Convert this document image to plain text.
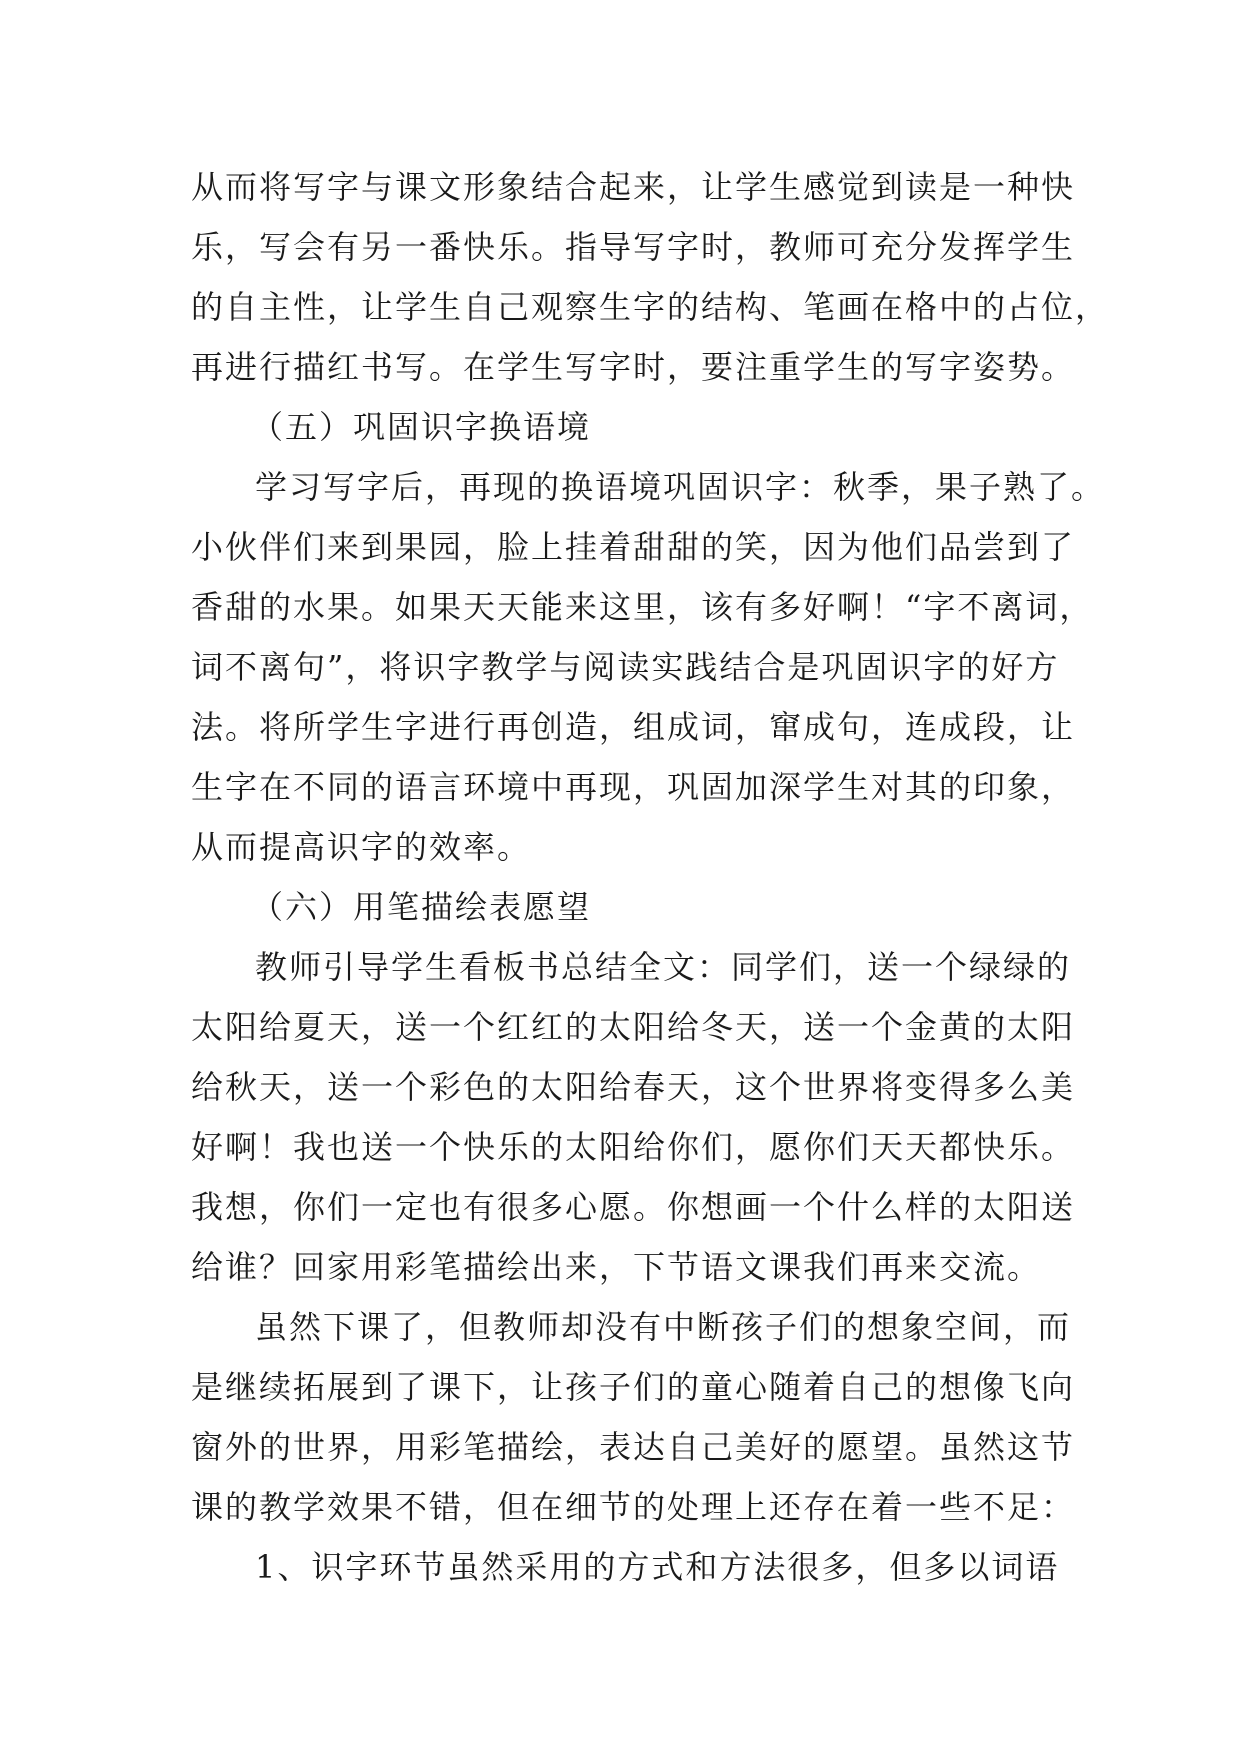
从而将写字与课文形象结合起来，让学生感觉到读是一种快
乐，写会有另一番快乐。指导写字时，教师可充分发挥学生
的自主性，让学生自己观察生字的结构、笔画在格中的占位，
再进行描红书写。在学生写字时，要注重学生的写字姿势。
（五）巩固识字换语境
学习写字后，再现的换语境巩固识字：秋季，果子熟了。
小伙伴们来到果园，脸上挂着甜甜的笑，因为他们品尝到了
香甜的水果。如果天天能来这里，该有多好啊！“字不离词，
词不离句”，将识字教学与阅读实践结合是巩固识字的好方
法。将所学生字进行再创造，组成词，窜成句，连成段，让
生字在不同的语言环境中再现，巩固加深学生对其的印象，
从而提高识字的效率。
（六）用笔描绘表愿望
教师引导学生看板书总结全文：同学们，送一个绿绿的
太阳给夏天，送一个红红的太阳给冬天，送一个金黄的太阳
给秋天，送一个彩色的太阳给春天，这个世界将变得多么美
好啊！我也送一个快乐的太阳给你们，愿你们天天都快乐。
我想，你们一定也有很多心愿。你想画一个什么样的太阳送
给谁？回家用彩笔描绘出来，下节语文课我们再来交流。
虽然下课了，但教师却没有中断孩子们的想象空间，而
是继续拓展到了课下，让孩子们的童心随着自己的想像飞向
窗外的世界，用彩笔描绘，表达自己美好的愿望。虽然这节
课的教学效果不错，但在细节的处理上还存在着一些不足：
1、识字环节虽然采用的方式和方法很多，但多以词语
